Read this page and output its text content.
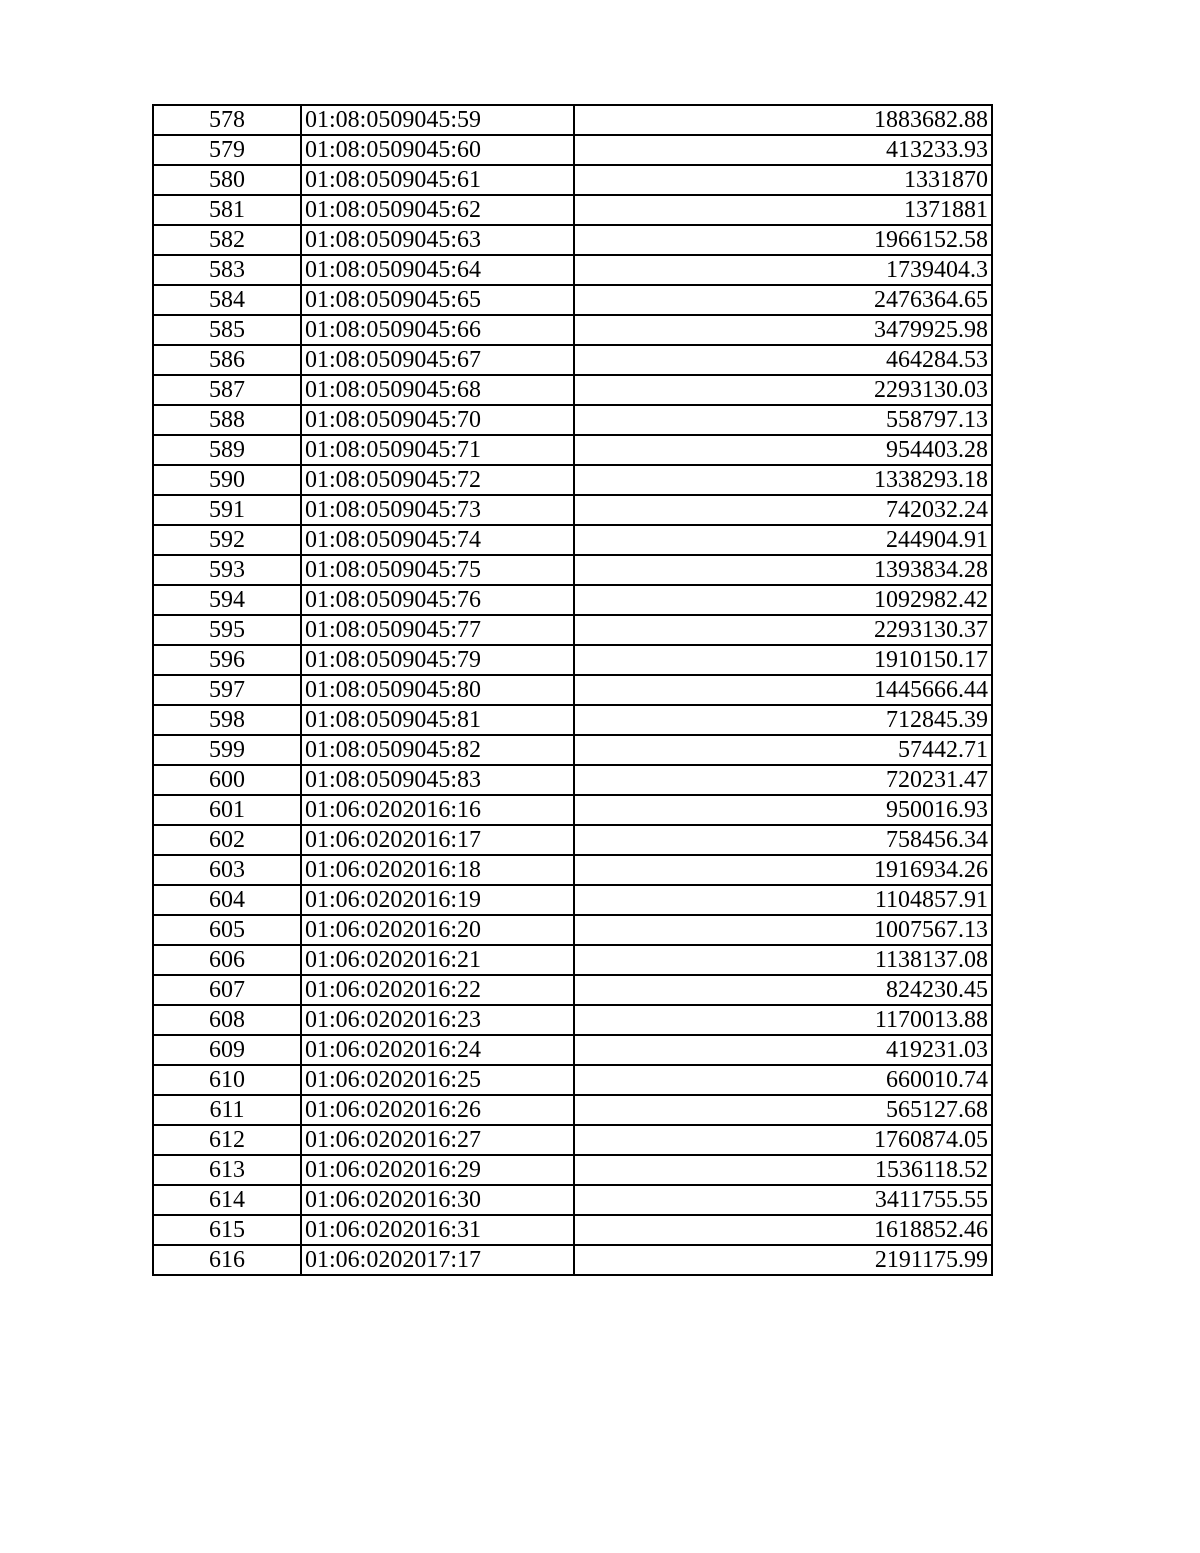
578	01:08:0509045:59	1883682.88
579	01:08:0509045:60	413233.93
580	01:08:0509045:61	1331870
581	01:08:0509045:62	1371881
582	01:08:0509045:63	1966152.58
583	01:08:0509045:64	1739404.3
584	01:08:0509045:65	2476364.65
585	01:08:0509045:66	3479925.98
586	01:08:0509045:67	464284.53
587	01:08:0509045:68	2293130.03
588	01:08:0509045:70	558797.13
589	01:08:0509045:71	954403.28
590	01:08:0509045:72	1338293.18
591	01:08:0509045:73	742032.24
592	01:08:0509045:74	244904.91
593	01:08:0509045:75	1393834.28
594	01:08:0509045:76	1092982.42
595	01:08:0509045:77	2293130.37
596	01:08:0509045:79	1910150.17
597	01:08:0509045:80	1445666.44
598	01:08:0509045:81	712845.39
599	01:08:0509045:82	57442.71
600	01:08:0509045:83	720231.47
601	01:06:0202016:16	950016.93
602	01:06:0202016:17	758456.34
603	01:06:0202016:18	1916934.26
604	01:06:0202016:19	1104857.91
605	01:06:0202016:20	1007567.13
606	01:06:0202016:21	1138137.08
607	01:06:0202016:22	824230.45
608	01:06:0202016:23	1170013.88
609	01:06:0202016:24	419231.03
610	01:06:0202016:25	660010.74
611	01:06:0202016:26	565127.68
612	01:06:0202016:27	1760874.05
613	01:06:0202016:29	1536118.52
614	01:06:0202016:30	3411755.55
615	01:06:0202016:31	1618852.46
616	01:06:0202017:17	2191175.99
